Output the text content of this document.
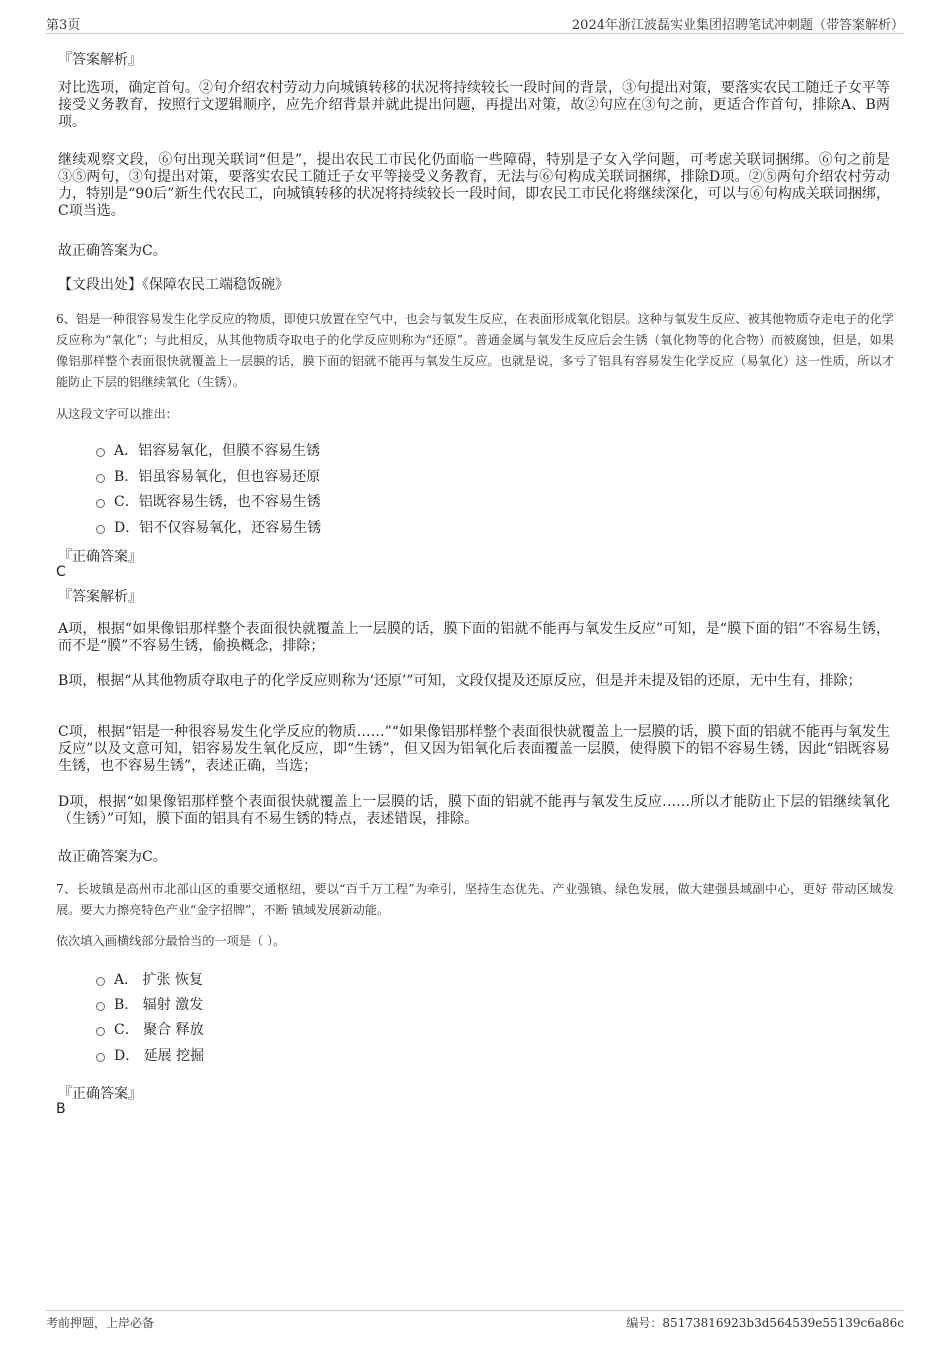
第3页	2024年浙江波磊实业集团招聘笔试冲刺题（带答案解析）
『答案解析』
对比选项，确定首句。②句介绍农村劳动力向城镇转移的状况将持续较长一段时间的背景，③句提出对策，要落实农民工随迁子女平等接受义务教育，按照行文逻辑顺序，应先介绍背景并就此提出问题，再提出对策，故②句应在③句之前，更适合作首句，排除A、B两项。
继续观察文段，⑥句出现关联词“但是”，提出农民工市民化仍面临一些障碍，特别是子女入学问题，可考虑关联词捆绑。⑥句之前是③⑤两句，③句提出对策，要落实农民工随迁子女平等接受义务教育，无法与⑥句构成关联词捆绑，排除D项。②⑤两句介绍农村劳动力，特别是“90后”新生代农民工，向城镇转移的状况将持续较长一段时间，即农民工市民化将继续深化，可以与⑥句构成关联词捆绑，C项当选。
故正确答案为C。
【文段出处】《保障农民工端稳饭碗》
6、铝是一种很容易发生化学反应的物质，即使只放置在空气中，也会与氧发生反应，在表面形成氧化铝层。这种与氧发生反应、被其他物质夺走电子的化学反应称为“氧化”；与此相反，从其他物质夺取电子的化学反应则称为“还原”。普通金属与氧发生反应后会生锈（氧化物等的化合物）而被腐蚀，但是，如果像铝那样整个表面很快就覆盖上一层膜的话，膜下面的铝就不能再与氧发生反应。也就是说，多亏了铝具有容易发生化学反应（易氧化）这一性质，所以才能防止下层的铝继续氧化（生锈）。
从这段文字可以推出：
A．铝容易氧化，但膜不容易生锈
B．铝虽容易氧化，但也容易还原
C．铝既容易生锈，也不容易生锈
D．铝不仅容易氧化，还容易生锈
『正确答案』
C
『答案解析』
A项，根据“如果像铝那样整个表面很快就覆盖上一层膜的话，膜下面的铝就不能再与氧发生反应”可知，是“膜下面的铝”不容易生锈，而不是“膜”不容易生锈，偷换概念，排除；
B项，根据“从其他物质夺取电子的化学反应则称为‘还原’”可知，文段仅提及还原反应，但是并未提及铝的还原，无中生有，排除；
C项，根据“铝是一种很容易发生化学反应的物质……”“如果像铝那样整个表面很快就覆盖上一层膜的话，膜下面的铝就不能再与氧发生反应”以及文意可知，铝容易发生氧化反应，即“生锈”，但又因为铝氧化后表面覆盖一层膜，使得膜下的铝不容易生锈，因此“铝既容易生锈，也不容易生锈”，表述正确，当选；
D项，根据“如果像铝那样整个表面很快就覆盖上一层膜的话，膜下面的铝就不能再与氧发生反应……所以才能防止下层的铝继续氧化（生锈）”可知，膜下面的铝具有不易生锈的特点，表述错误，排除。
故正确答案为C。
7、长坡镇是高州市北部山区的重要交通枢纽，要以“百千万工程”为牵引，坚持生态优先、产业强镇、绿色发展，做大建强县域副中心，更好 带动区域发展。要大力擦亮特色产业“金字招牌”，不断 镇域发展新动能。
依次填入画横线部分最恰当的一项是（ ）。
A． 扩张 恢复
B． 辐射 激发
C． 聚合 释放
D． 延展 挖掘
『正确答案』
B
考前押题，上岸必备	编号：85173816923b3d564539e55139c6a86c
